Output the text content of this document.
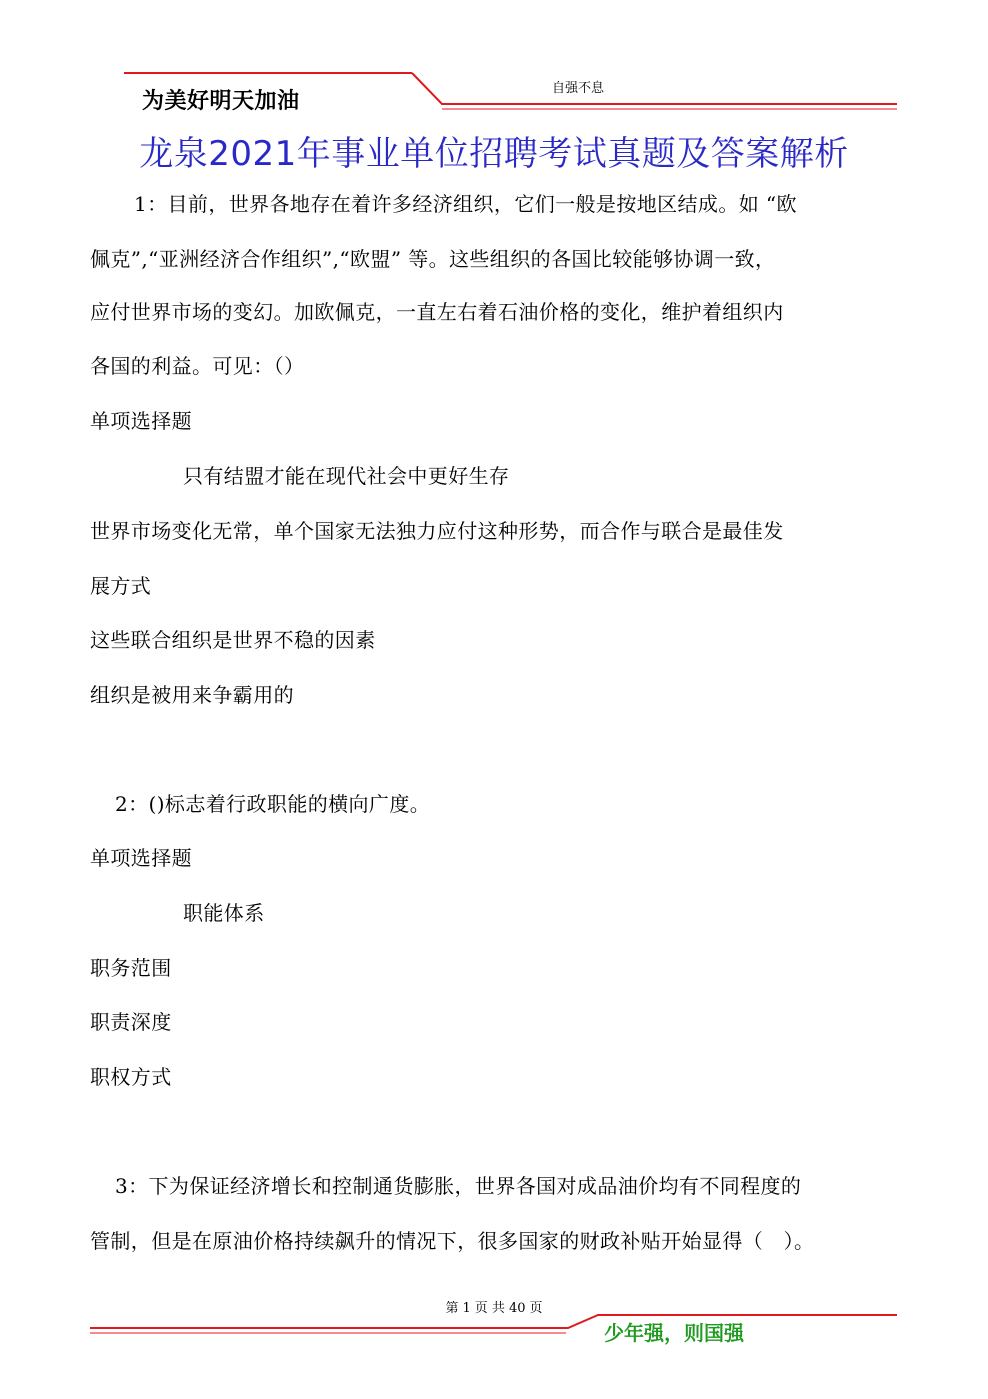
为美好明天加油
自强不息
龙泉2021年事业单位招聘考试真题及答案解析
1：目前，世界各地存在着许多经济组织，它们一般是按地区结成。如 “欧
佩克”,“亚洲经济合作组织”,“欧盟” 等。这些组织的各国比较能够协调一致，
应付世界市场的变幻。加欧佩克，一直左右着石油价格的变化，维护着组织内
各国的利益。可见：（）
单项选择题
只有结盟才能在现代社会中更好生存
世界市场变化无常，单个国家无法独力应付这种形势，而合作与联合是最佳发
展方式
这些联合组织是世界不稳的因素
组织是被用来争霸用的
2：()标志着行政职能的横向广度。
单项选择题
职能体系
职务范围
职责深度
职权方式
3：下为保证经济增长和控制通货膨胀，世界各国对成品油价均有不同程度的
管制，但是在原油价格持续飙升的情况下，很多国家的财政补贴开始显得（　）。
第 1 页 共 40 页
少年强，则国强
